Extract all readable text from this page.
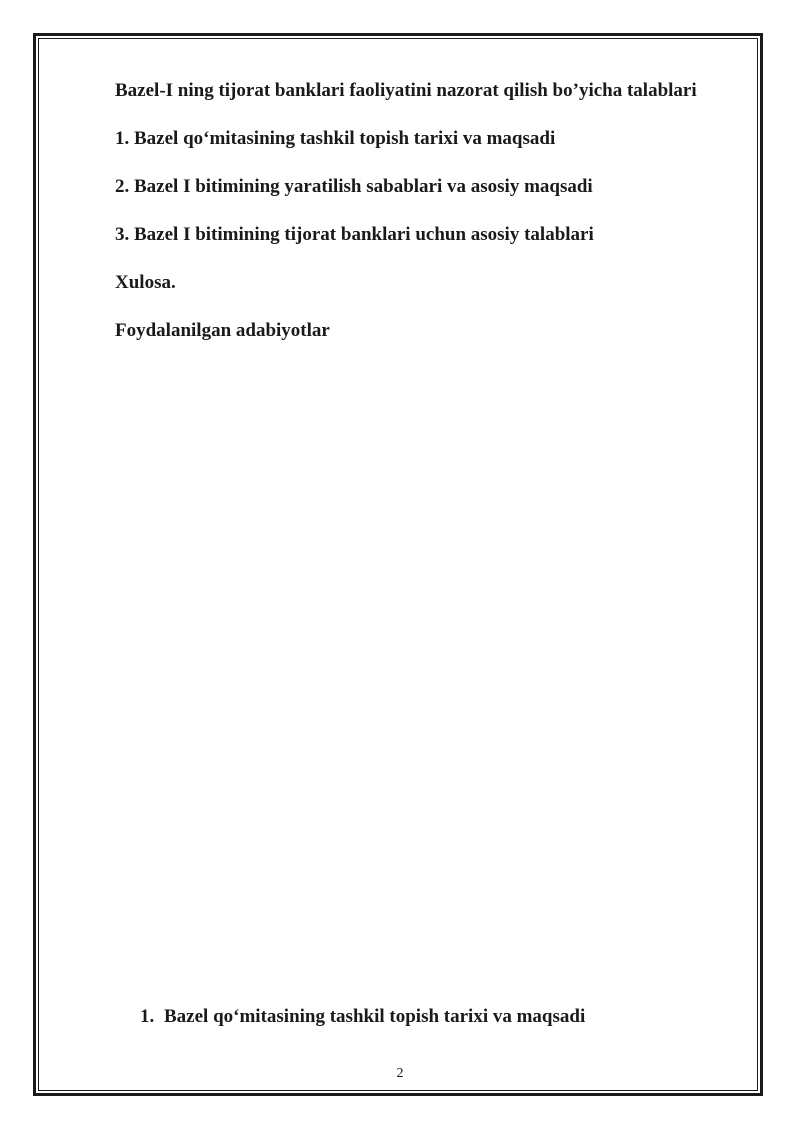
Bazel-I ning tijorat banklari faoliyatini nazorat qilish bo’yicha talablari

1. Bazel qo‘mitasining tashkil topish tarixi va maqsadi

2. Bazel I bitimining yaratilish sabablari va asosiy maqsadi

3. Bazel I bitimining tijorat banklari uchun asosiy talablari

Xulosa.

Foydalanilgan adabiyotlar

1. Bazel qo‘mitasining tashkil topish tarixi va maqsadi
2
